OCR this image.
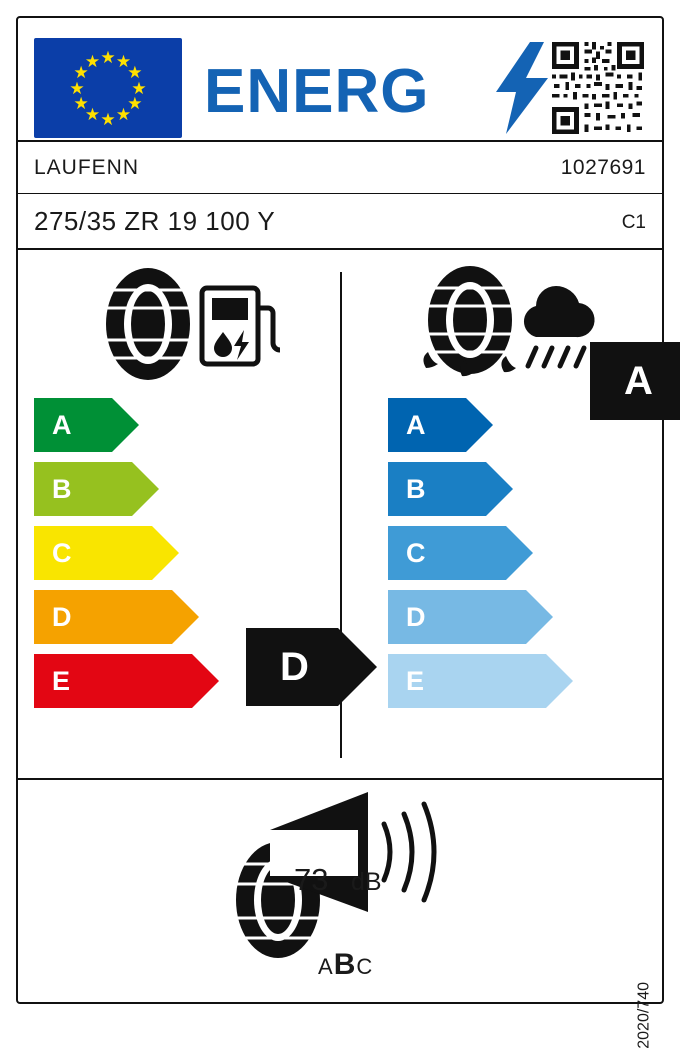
★ ★
★
★
★
★
★
★
★
★
★
★ ENERG
LAUFENN	1027691
275/35 ZR 19 100 Y	C1
A
B
C
D
E
A
B
C
D
E
D
A
73 dB
ABC
2020/740
